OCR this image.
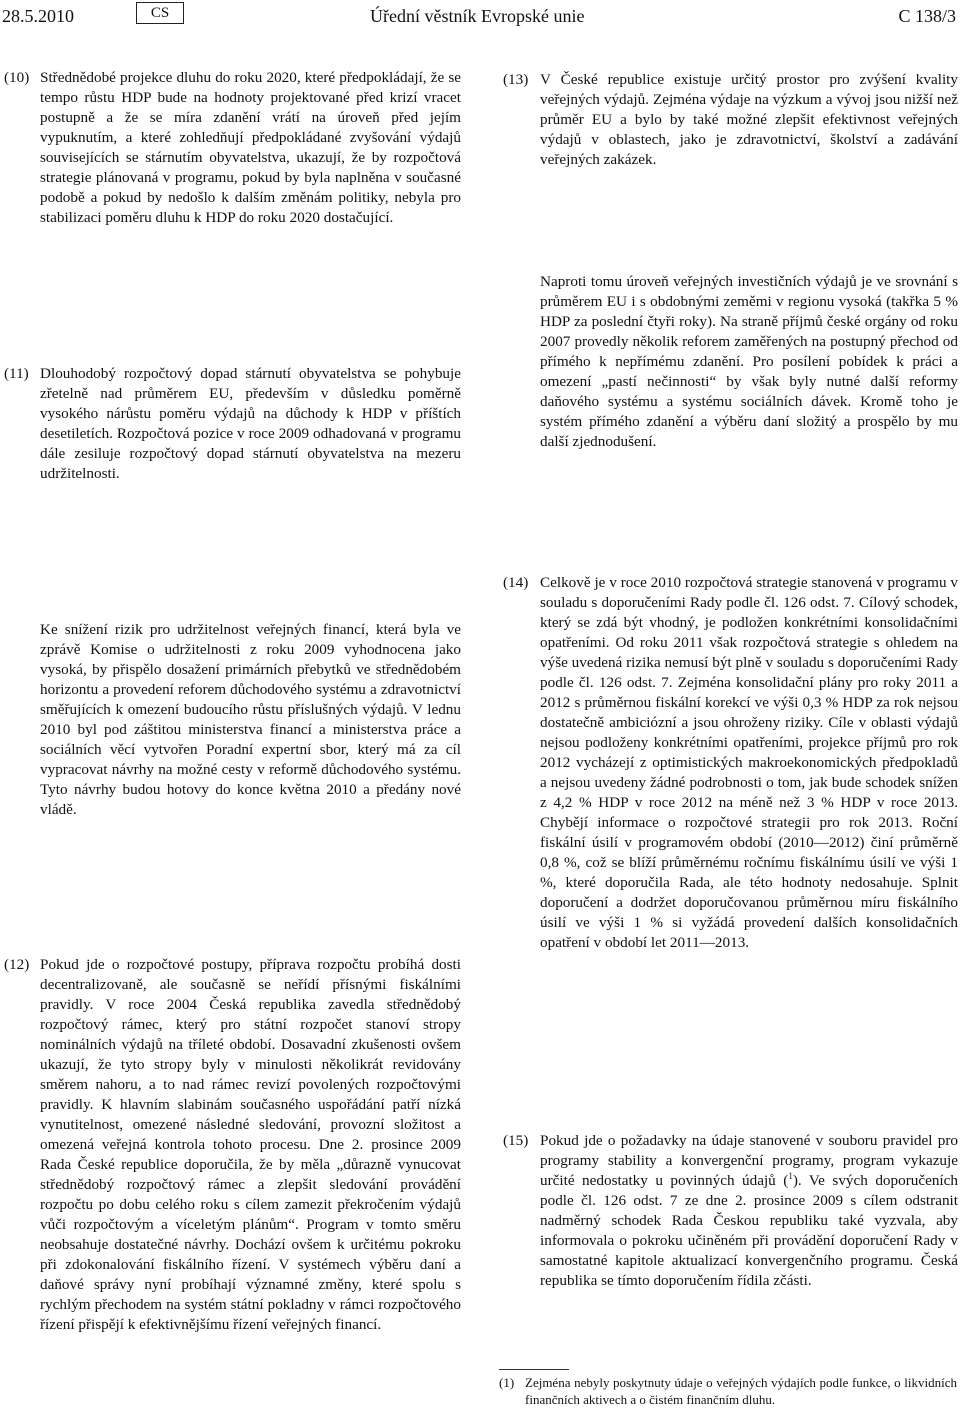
28.5.2010	CS	Úřední věstník Evropské unie	C 138/3
(10) Střednědobé projekce dluhu do roku 2020, které předpokládají, že se tempo růstu HDP bude na hodnoty projektované před krizí vracet postupně a že se míra zdanění vrátí na úroveň před jejím vypuknutím, a které zohledňují předpokládané zvyšování výdajů souvisejících se stárnutím obyvatelstva, ukazují, že by rozpočtová strategie plánovaná v programu, pokud by byla naplněna v současné podobě a pokud by nedošlo k dalším změnám politiky, nebyla pro stabilizaci poměru dluhu k HDP do roku 2020 dostačující.
(11) Dlouhodobý rozpočtový dopad stárnutí obyvatelstva se pohybuje zřetelně nad průměrem EU, především v důsledku poměrně vysokého nárůstu poměru výdajů na důchody k HDP v příštích desetiletích. Rozpočtová pozice v roce 2009 odhadovaná v programu dále zesiluje rozpočtový dopad stárnutí obyvatelstva na mezeru udržitelnosti.
Ke snížení rizik pro udržitelnost veřejných financí, která byla ve zprávě Komise o udržitelnosti z roku 2009 vyhodnocena jako vysoká, by přispělo dosažení primárních přebytků ve střednědobém horizontu a provedení reforem důchodového systému a zdravotnictví směřujících k omezení budoucího růstu příslušných výdajů. V lednu 2010 byl pod záštitou ministerstva financí a ministerstva práce a sociálních věcí vytvořen Poradní expertní sbor, který má za cíl vypracovat návrhy na možné cesty v reformě důchodového systému. Tyto návrhy budou hotovy do konce května 2010 a předány nové vládě.
(12) Pokud jde o rozpočtové postupy, příprava rozpočtu probíhá dosti decentralizovaně, ale současně se neřídí přísnými fiskálními pravidly. V roce 2004 Česká republika zavedla střednědobý rozpočtový rámec, který pro státní rozpočet stanoví stropy nominálních výdajů na tříleté období. Dosavadní zkušenosti ovšem ukazují, že tyto stropy byly v minulosti několikrát revidovány směrem nahoru, a to nad rámec revizí povolených rozpočtovými pravidly. K hlavním slabinám současného uspořádání patří nízká vynutitelnost, omezené následné sledování, provozní složitost a omezená veřejná kontrola tohoto procesu. Dne 2. prosince 2009 Rada České republice doporučila, že by měla „důrazně vynucovat střednědobý rozpočtový rámec a zlepšit sledování provádění rozpočtu po dobu celého roku s cílem zamezit překročením výdajů vůči rozpočtovým a víceletým plánům“. Program v tomto směru neobsahuje dostatečné návrhy. Dochází ovšem k určitému pokroku při zdokonalování fiskálního řízení. V systémech výběru daní a daňové správy nyní probíhají významné změny, které spolu s rychlým přechodem na systém státní pokladny v rámci rozpočtového řízení přispějí k efektivnějšímu řízení veřejných financí.
(13) V České republice existuje určitý prostor pro zvýšení kvality veřejných výdajů. Zejména výdaje na výzkum a vývoj jsou nižší než průměr EU a bylo by také možné zlepšit efektivnost veřejných výdajů v oblastech, jako je zdravotnictví, školství a zadávání veřejných zakázek.
Naproti tomu úroveň veřejných investičních výdajů je ve srovnání s průměrem EU i s obdobnými zeměmi v regionu vysoká (takřka 5 % HDP za poslední čtyři roky). Na straně příjmů české orgány od roku 2007 provedly několik reforem zaměřených na postupný přechod od přímého k nepřímému zdanění. Pro posílení pobídek k práci a omezení „pastí nečinnosti“ by však byly nutné další reformy daňového systému a systému sociálních dávek. Kromě toho je systém přímého zdanění a výběru daní složitý a prospělo by mu další zjednodušení.
(14) Celkově je v roce 2010 rozpočtová strategie stanovená v programu v souladu s doporučeními Rady podle čl. 126 odst. 7. Cílový schodek, který se zdá být vhodný, je podložen konkrétními konsolidačními opatřeními. Od roku 2011 však rozpočtová strategie s ohledem na výše uvedená rizika nemusí být plně v souladu s doporučeními Rady podle čl. 126 odst. 7. Zejména konsolidační plány pro roky 2011 a 2012 s průměrnou fiskální korekcí ve výši 0,3 % HDP za rok nejsou dostatečně ambiciózní a jsou ohroženy riziky. Cíle v oblasti výdajů nejsou podloženy konkrétními opatřeními, projekce příjmů pro rok 2012 vycházejí z optimistických makroekonomických předpokladů a nejsou uvedeny žádné podrobnosti o tom, jak bude schodek snížen z 4,2 % HDP v roce 2012 na méně než 3 % HDP v roce 2013. Chybějí informace o rozpočtové strategii pro rok 2013. Roční fiskální úsilí v programovém období (2010—2012) činí průměrně 0,8 %, což se blíží průměrnému ročnímu fiskálnímu úsilí ve výši 1 %, které doporučila Rada, ale této hodnoty nedosahuje. Splnit doporučení a dodržet doporučovanou průměrnou míru fiskálního úsilí ve výši 1 % si vyžádá provedení dalších konsolidačních opatření v období let 2011—2013.
(15) Pokud jde o požadavky na údaje stanovené v souboru pravidel pro programy stability a konvergenční programy, program vykazuje určité nedostatky u povinných údajů ($^1$). Ve svých doporučeních podle čl. 126 odst. 7 ze dne 2. prosince 2009 s cílem odstranit nadměrný schodek Rada Českou republiku také vyzvala, aby informovala o pokroku učiněném při provádění doporučení Rady v samostatné kapitole aktualizací konvergenčního programu. Česká republika se tímto doporučením řídila zčásti.
(1) Zejména nebyly poskytnuty údaje o veřejných výdajích podle funkce, o likvidních finančních aktivech a o čistém finančním dluhu.
